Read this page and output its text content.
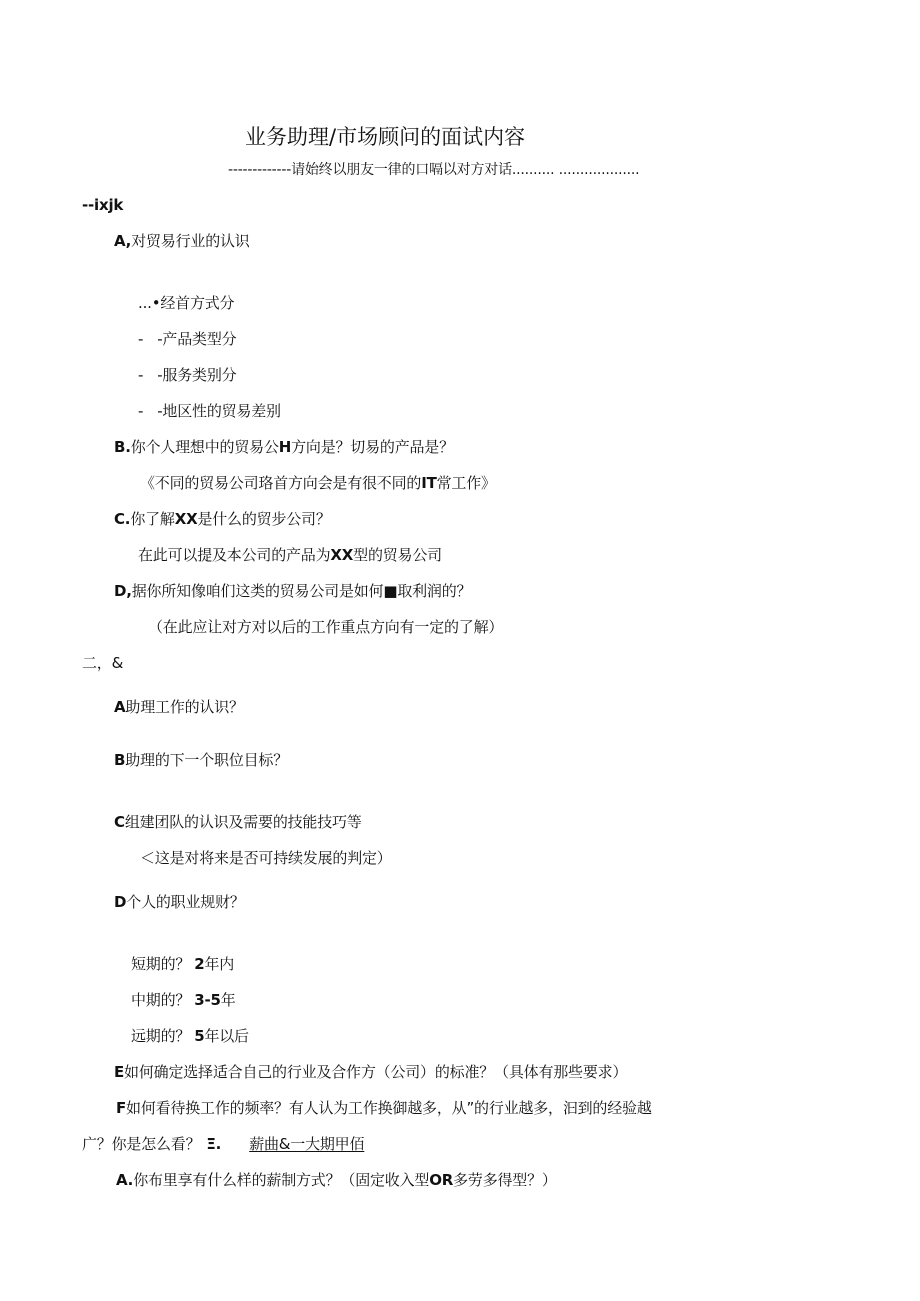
业务助理/市场顾问的面试内容
-------------请始终以朋友一律的口嗝以对方对话.......... ...................
--ixjk
A,对贸易行业的认识
...•经首方式分
- -产品类型分
- -服务类别分
- -地区性的贸易差别
B.你个人理想中的贸易公H方向是？切易的产品是？
《不同的贸易公司珞首方向会是有很不同的IT常工作》
C.你了解XX是什么的贸步公司？
在此可以提及本公司的产品为XX型的贸易公司
D,据你所知像咱们这类的贸易公司是如何■取利润的？
（在此应让对方对以后的工作重点方向有一定的了解）
二，&
A助理工作的认识？
B助理的下一个职位目标？
C组建团队的认识及需要的技能技巧等
＜这是对将来是否可持续发展的判定）
D个人的职业规财？
短期的？ 2年内
中期的？ 3-5年
远期的？ 5年以后
E如何确定选择适合自己的行业及合作方（公司）的标准？（具体有那些要求）
F如何看待换工作的频率？有人认为工作换御越多，从”的行业越多，汩到的经验越
广？你是怎么看？ Ξ. 薪曲&一大期甲佰
A.你布里享有什么样的薪制方式？（固定收入型OR多劳多得型？）
